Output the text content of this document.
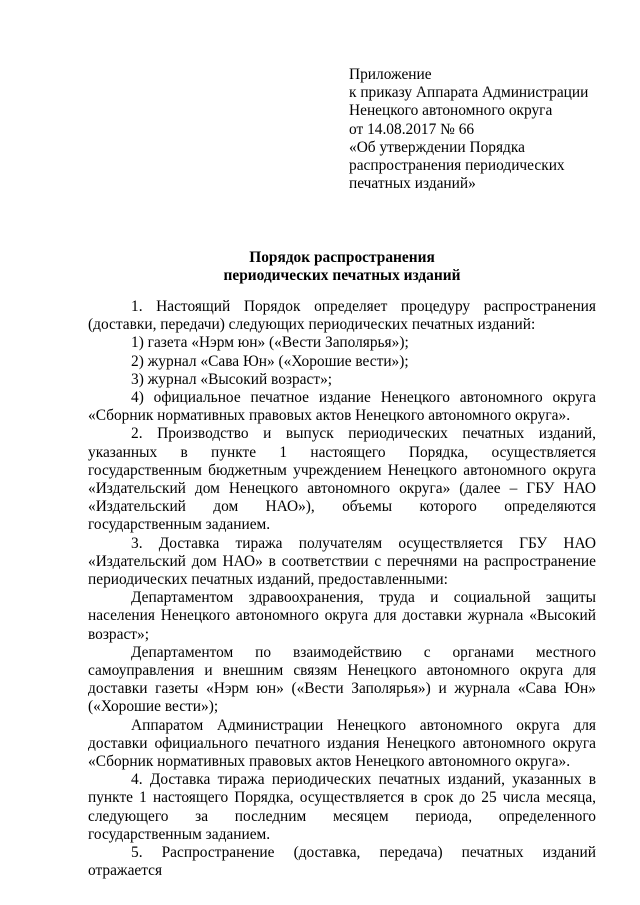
Приложение
к приказу Аппарата Администрации
Ненецкого автономного округа
от 14.08.2017 № 66
«Об утверждении Порядка
распространения периодических
печатных изданий»
Порядок распространения
периодических печатных изданий

1. Настоящий Порядок определяет процедуру распространения (доставки, передачи) следующих периодических печатных изданий:

1) газета «Нэрм юн» («Вести Заполярья»);

2) журнал «Сава Юн» («Хорошие вести»);

3) журнал «Высокий возраст»;

4) официальное печатное издание Ненецкого автономного округа «Сборник нормативных правовых актов Ненецкого автономного округа».

2. Производство и выпуск периодических печатных изданий, указанных в пункте 1 настоящего Порядка, осуществляется государственным бюджетным учреждением Ненецкого автономного округа «Издательский дом Ненецкого автономного округа» (далее – ГБУ НАО «Издательский дом НАО»), объемы которого определяются государственным заданием.

3. Доставка тиража получателям осуществляется ГБУ НАО «Издательский дом НАО» в соответствии с перечнями на распространение периодических печатных изданий, предоставленными:

Департаментом здравоохранения, труда и социальной защиты населения Ненецкого автономного округа для доставки журнала «Высокий возраст»;

Департаментом по взаимодействию с органами местного самоуправления и внешним связям Ненецкого автономного округа для доставки газеты «Нэрм юн» («Вести Заполярья») и журнала «Сава Юн» («Хорошие вести»);

Аппаратом Администрации Ненецкого автономного округа для доставки официального печатного издания Ненецкого автономного округа «Сборник нормативных правовых актов Ненецкого автономного округа».

4. Доставка тиража периодических печатных изданий, указанных в пункте 1 настоящего Порядка, осуществляется в срок до 25 числа месяца, следующего за последним месяцем периода, определенного государственным заданием.

5. Распространение (доставка, передача) печатных изданий отражается
